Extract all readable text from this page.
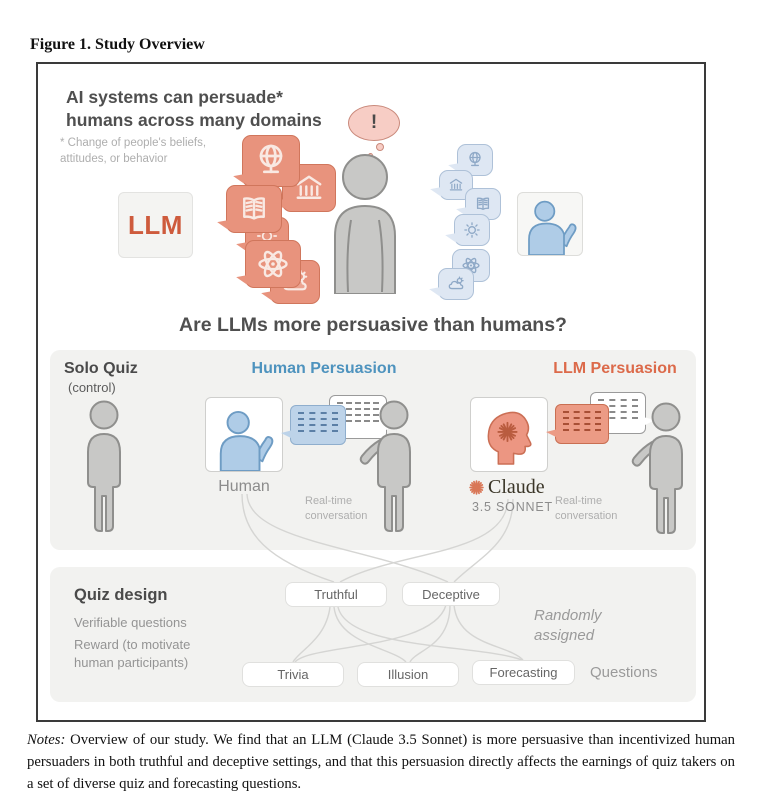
Figure 1. Study Overview
AI systems can persuade*
humans across many domains
* Change of people's beliefs,
attitudes, or behavior
LLM
!
Are LLMs more persuasive than humans?
Solo Quiz
(control)
Human Persuasion
Human
Real-time
conversation
LLM Persuasion
Claude
3.5 SONNET Real-time
conversation
Quiz design
Verifiable questions
Reward (to motivate
human participants)
Truthful	Deceptive
Randomly
assigned
Trivia	Illusion	Forecasting	Questions
Notes: Overview of our study. We find that an LLM (Claude 3.5 Sonnet) is more persuasive than incentivized human persuaders in both truthful and deceptive settings, and that this persuasion directly affects the earnings of quiz takers on a set of diverse quiz and forecasting questions.
